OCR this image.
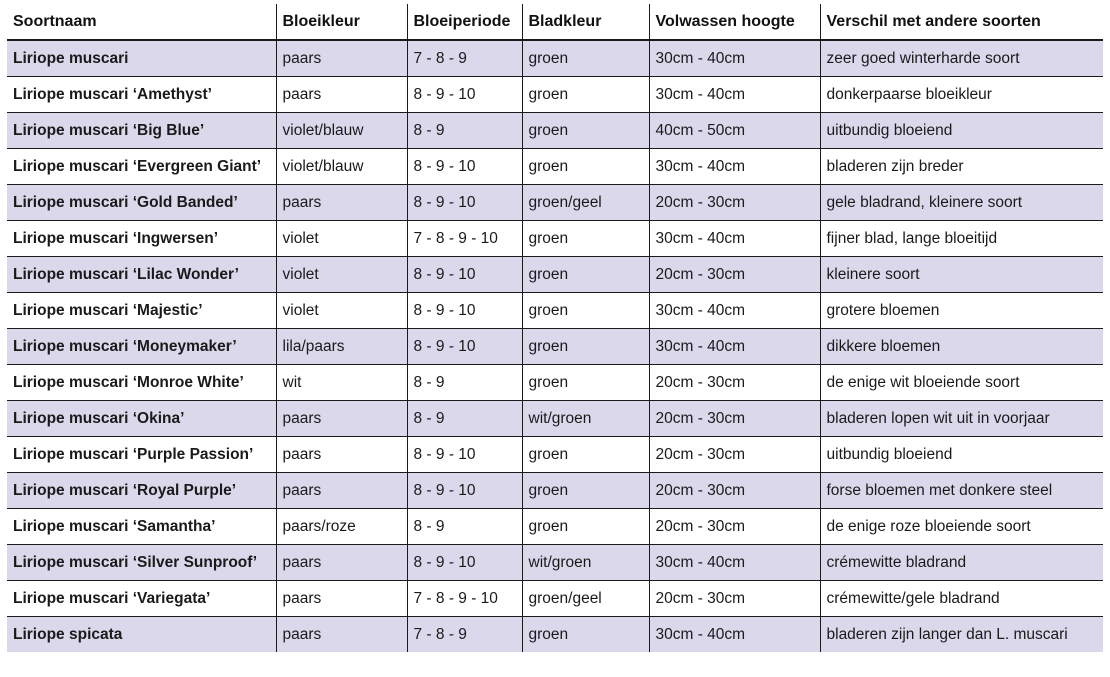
Soortnaam	Bloeikleur	Bloeiperiode	Bladkleur	Volwassen hoogte	Verschil met andere soorten
Liriope muscari	paars	7 - 8 - 9	groen	30cm - 40cm	zeer goed winterharde soort
Liriope muscari ‘Amethyst’	paars	8 - 9 - 10	groen	30cm - 40cm	donkerpaarse bloeikleur
Liriope muscari ‘Big Blue’	violet/blauw	8 - 9	groen	40cm - 50cm	uitbundig bloeiend
Liriope muscari ‘Evergreen Giant’	violet/blauw	8 - 9 - 10	groen	30cm - 40cm	bladeren zijn breder
Liriope muscari ‘Gold Banded’	paars	8 - 9 - 10	groen/geel	20cm - 30cm	gele bladrand, kleinere soort
Liriope muscari ‘Ingwersen’	violet	7 - 8 - 9 - 10	groen	30cm - 40cm	fijner blad, lange bloeitijd
Liriope muscari ‘Lilac Wonder’	violet	8 - 9 - 10	groen	20cm - 30cm	kleinere soort
Liriope muscari ‘Majestic’	violet	8 - 9 - 10	groen	30cm - 40cm	grotere bloemen
Liriope muscari ‘Moneymaker’	lila/paars	8 - 9 - 10	groen	30cm - 40cm	dikkere bloemen
Liriope muscari ‘Monroe White’	wit	8 - 9	groen	20cm - 30cm	de enige wit bloeiende soort
Liriope muscari ‘Okina’	paars	8 - 9	wit/groen	20cm - 30cm	bladeren lopen wit uit in voorjaar
Liriope muscari ‘Purple Passion’	paars	8 - 9 - 10	groen	20cm - 30cm	uitbundig bloeiend
Liriope muscari ‘Royal Purple’	paars	8 - 9 - 10	groen	20cm - 30cm	forse bloemen met donkere steel
Liriope muscari ‘Samantha’	paars/roze	8 - 9	groen	20cm - 30cm	de enige roze bloeiende soort
Liriope muscari ‘Silver Sunproof’	paars	8 - 9 - 10	wit/groen	30cm - 40cm	crémewitte bladrand
Liriope muscari ‘Variegata’	paars	7 - 8 - 9 - 10	groen/geel	20cm - 30cm	crémewitte/gele bladrand
Liriope spicata	paars	7 - 8 - 9	groen	30cm - 40cm	bladeren zijn langer dan L. muscari
